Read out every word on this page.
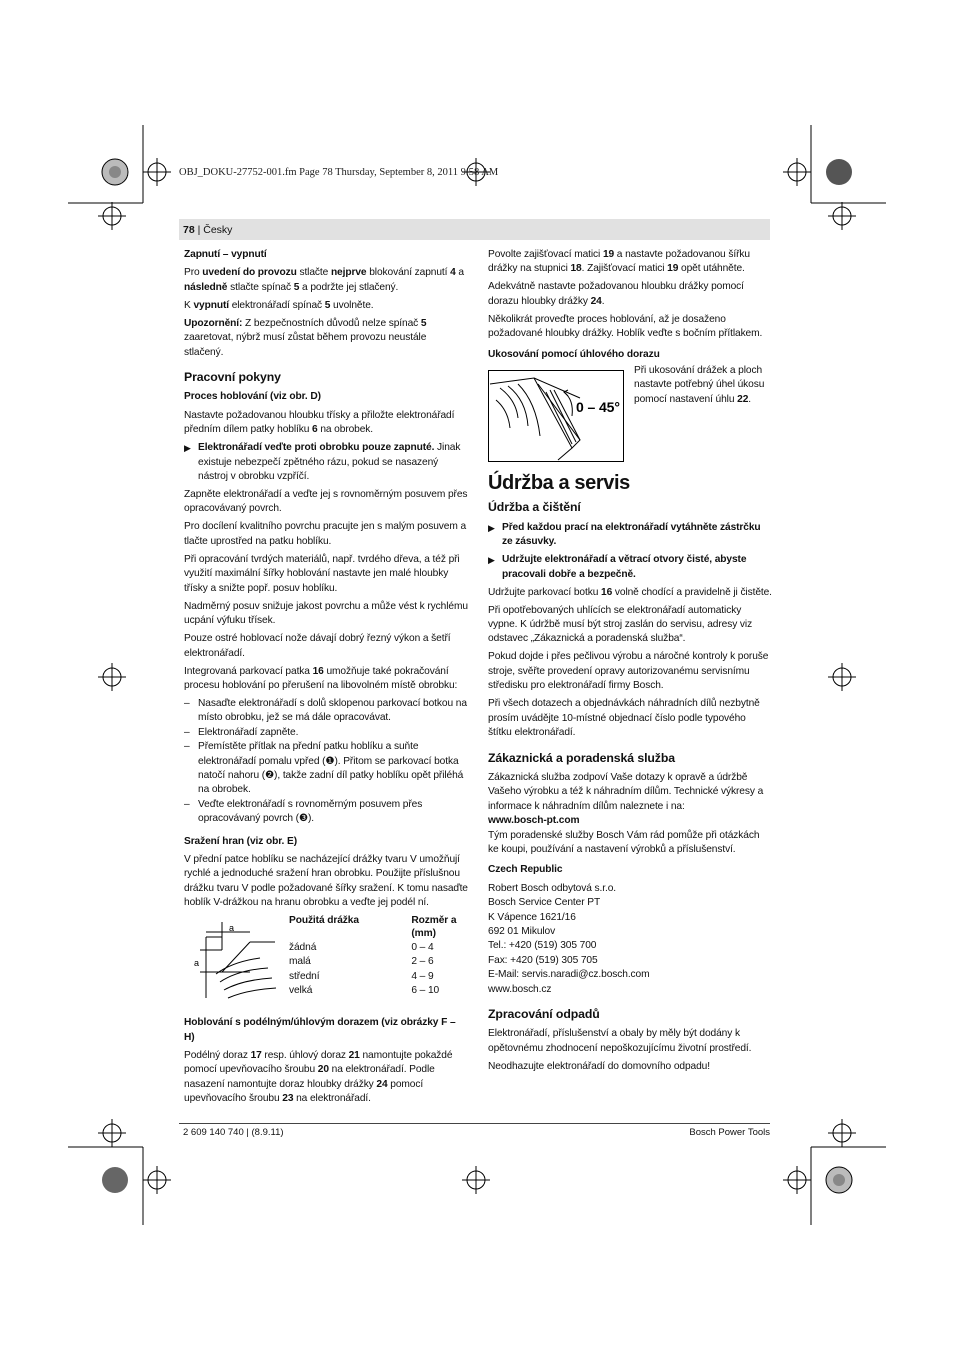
OBJ_DOKU-27752-001.fm Page 78 Thursday, September 8, 2011 9:58 AM
78 | Česky
Zapnutí – vypnutí

Pro uvedení do provozu stlačte nejprve blokování zapnutí 4 a následně stlačte spínač 5 a podržte jej stlačený.

K vypnutí elektronářadí spínač 5 uvolněte.

Upozornění: Z bezpečnostních důvodů nelze spínač 5 zaaretovat, nýbrž musí zůstat během provozu neustále stlačený.

Pracovní pokyny
Proces hoblování (viz obr. D)

Nastavte požadovanou hloubku třísky a přiložte elektronářadí předním dílem patky hoblíku 6 na obrobek.

▶ Elektronářadí veďte proti obrobku pouze zapnuté. Jinak existuje nebezpečí zpětného rázu, pokud se nasazený nástroj v obrobku vzpříčí.

Zapněte elektronářadí a veďte jej s rovnoměrným posuvem přes opracovávaný povrch.

Pro docílení kvalitního povrchu pracujte jen s malým posuvem a tlačte uprostřed na patku hoblíku.

Při opracování tvrdých materiálů, např. tvrdého dřeva, a též při využití maximální šířky hoblování nastavte jen malé hloubky třísky a snižte popř. posuv hoblíku.

Nadměrný posuv snižuje jakost povrchu a může vést k rychlému ucpání výfuku třísek.

Pouze ostré hoblovací nože dávají dobrý řezný výkon a šetří elektronářadí.

Integrovaná parkovací patka 16 umožňuje také pokračování procesu hoblování po přerušení na libovolném místě obrobku:

– Nasaďte elektronářadí s dolů sklopenou parkovací botkou na místo obrobku, jež se má dále opracovávat.
– Elektronářadí zapněte.
– Přemístěte přítlak na přední patku hoblíku a suňte elektronářadí pomalu vpřed (❶). Přitom se parkovací botka natočí nahoru (❷), takže zadní díl patky hoblíku opět přiléhá na obrobek.
– Veďte elektronářadí s rovnoměrným posuvem přes opracovávaný povrch (❸).
Sražení hran (viz obr. E)

V přední patce hoblíku se nacházející drážky tvaru V umožňují rychlé a jednoduché sražení hran obrobku. Použijte příslušnou drážku tvaru V podle požadované šířky sražení. K tomu nasaďte hoblík V-drážkou na hranu obrobku a veďte jej podél ní.

a
a
Použitá drážka	Rozměr a (mm)
žádná	0 – 4
malá	2 – 6
střední	4 – 9
velká	6 – 10
Hoblování s podélným/úhlovým dorazem (viz obrázky F – H)

Podélný doraz 17 resp. úhlový doraz 21 namontujte pokaždé pomocí upevňovacího šroubu 20 na elektronářadí. Podle nasazení namontujte doraz hloubky drážky 24 pomocí upevňovacího šroubu 23 na elektronářadí.

Povolte zajišťovací matici 19 a nastavte požadovanou šířku drážky na stupnici 18. Zajišťovací matici 19 opět utáhněte.

Adekvátně nastavte požadovanou hloubku drážky pomocí dorazu hloubky drážky 24.

Několikrát proveďte proces hoblování, až je dosaženo požadované hloubky drážky. Hoblík veďte s bočním přítlakem.

Ukosování pomocí úhlového dorazu
0 – 45°

Při ukosování drážek a ploch nastavte potřebný úhel úkosu pomocí nastavení úhlu 22.

Údržba a servis
Údržba a čištění

▶ Před každou prací na elektronářadí vytáhněte zástrčku ze zásuvky.

▶ Udržujte elektronářadí a větrací otvory čisté, abyste pracovali dobře a bezpečně.

Udržujte parkovací botku 16 volně chodící a pravidelně ji čistěte.

Při opotřebovaných uhlících se elektronářadí automaticky vypne. K údržbě musí být stroj zaslán do servisu, adresy viz odstavec „Zákaznická a poradenská služba“.

Pokud dojde i přes pečlivou výrobu a náročné kontroly k poruše stroje, svěřte provedení opravy autorizovanému servisnímu středisku pro elektronářadí firmy Bosch.

Při všech dotazech a objednávkách náhradních dílů nezbytně prosím uvádějte 10-místné objednací číslo podle typového štítku elektronářadí.

Zákaznická a poradenská služba

Zákaznická služba zodpoví Vaše dotazy k opravě a údržbě Vašeho výrobku a též k náhradním dílům. Technické výkresy a informace k náhradním dílům naleznete i na:

www.bosch-pt.com

Tým poradenské služby Bosch Vám rád pomůže při otázkách ke koupi, používání a nastavení výrobků a příslušenství.

Czech Republic

Robert Bosch odbytová s.r.o.
Bosch Service Center PT
K Vápence 1621/16
692 01 Mikulov
Tel.: +420 (519) 305 700
Fax: +420 (519) 305 705
E-Mail: servis.naradi@cz.bosch.com
www.bosch.cz

Zpracování odpadů

Elektronářadí, příslušenství a obaly by měly být dodány k opětovnému zhodnocení nepoškozujícímu životní prostředí.

Neodhazujte elektronářadí do domovního odpadu!

2 609 140 740 | (8.9.11)	Bosch Power Tools
